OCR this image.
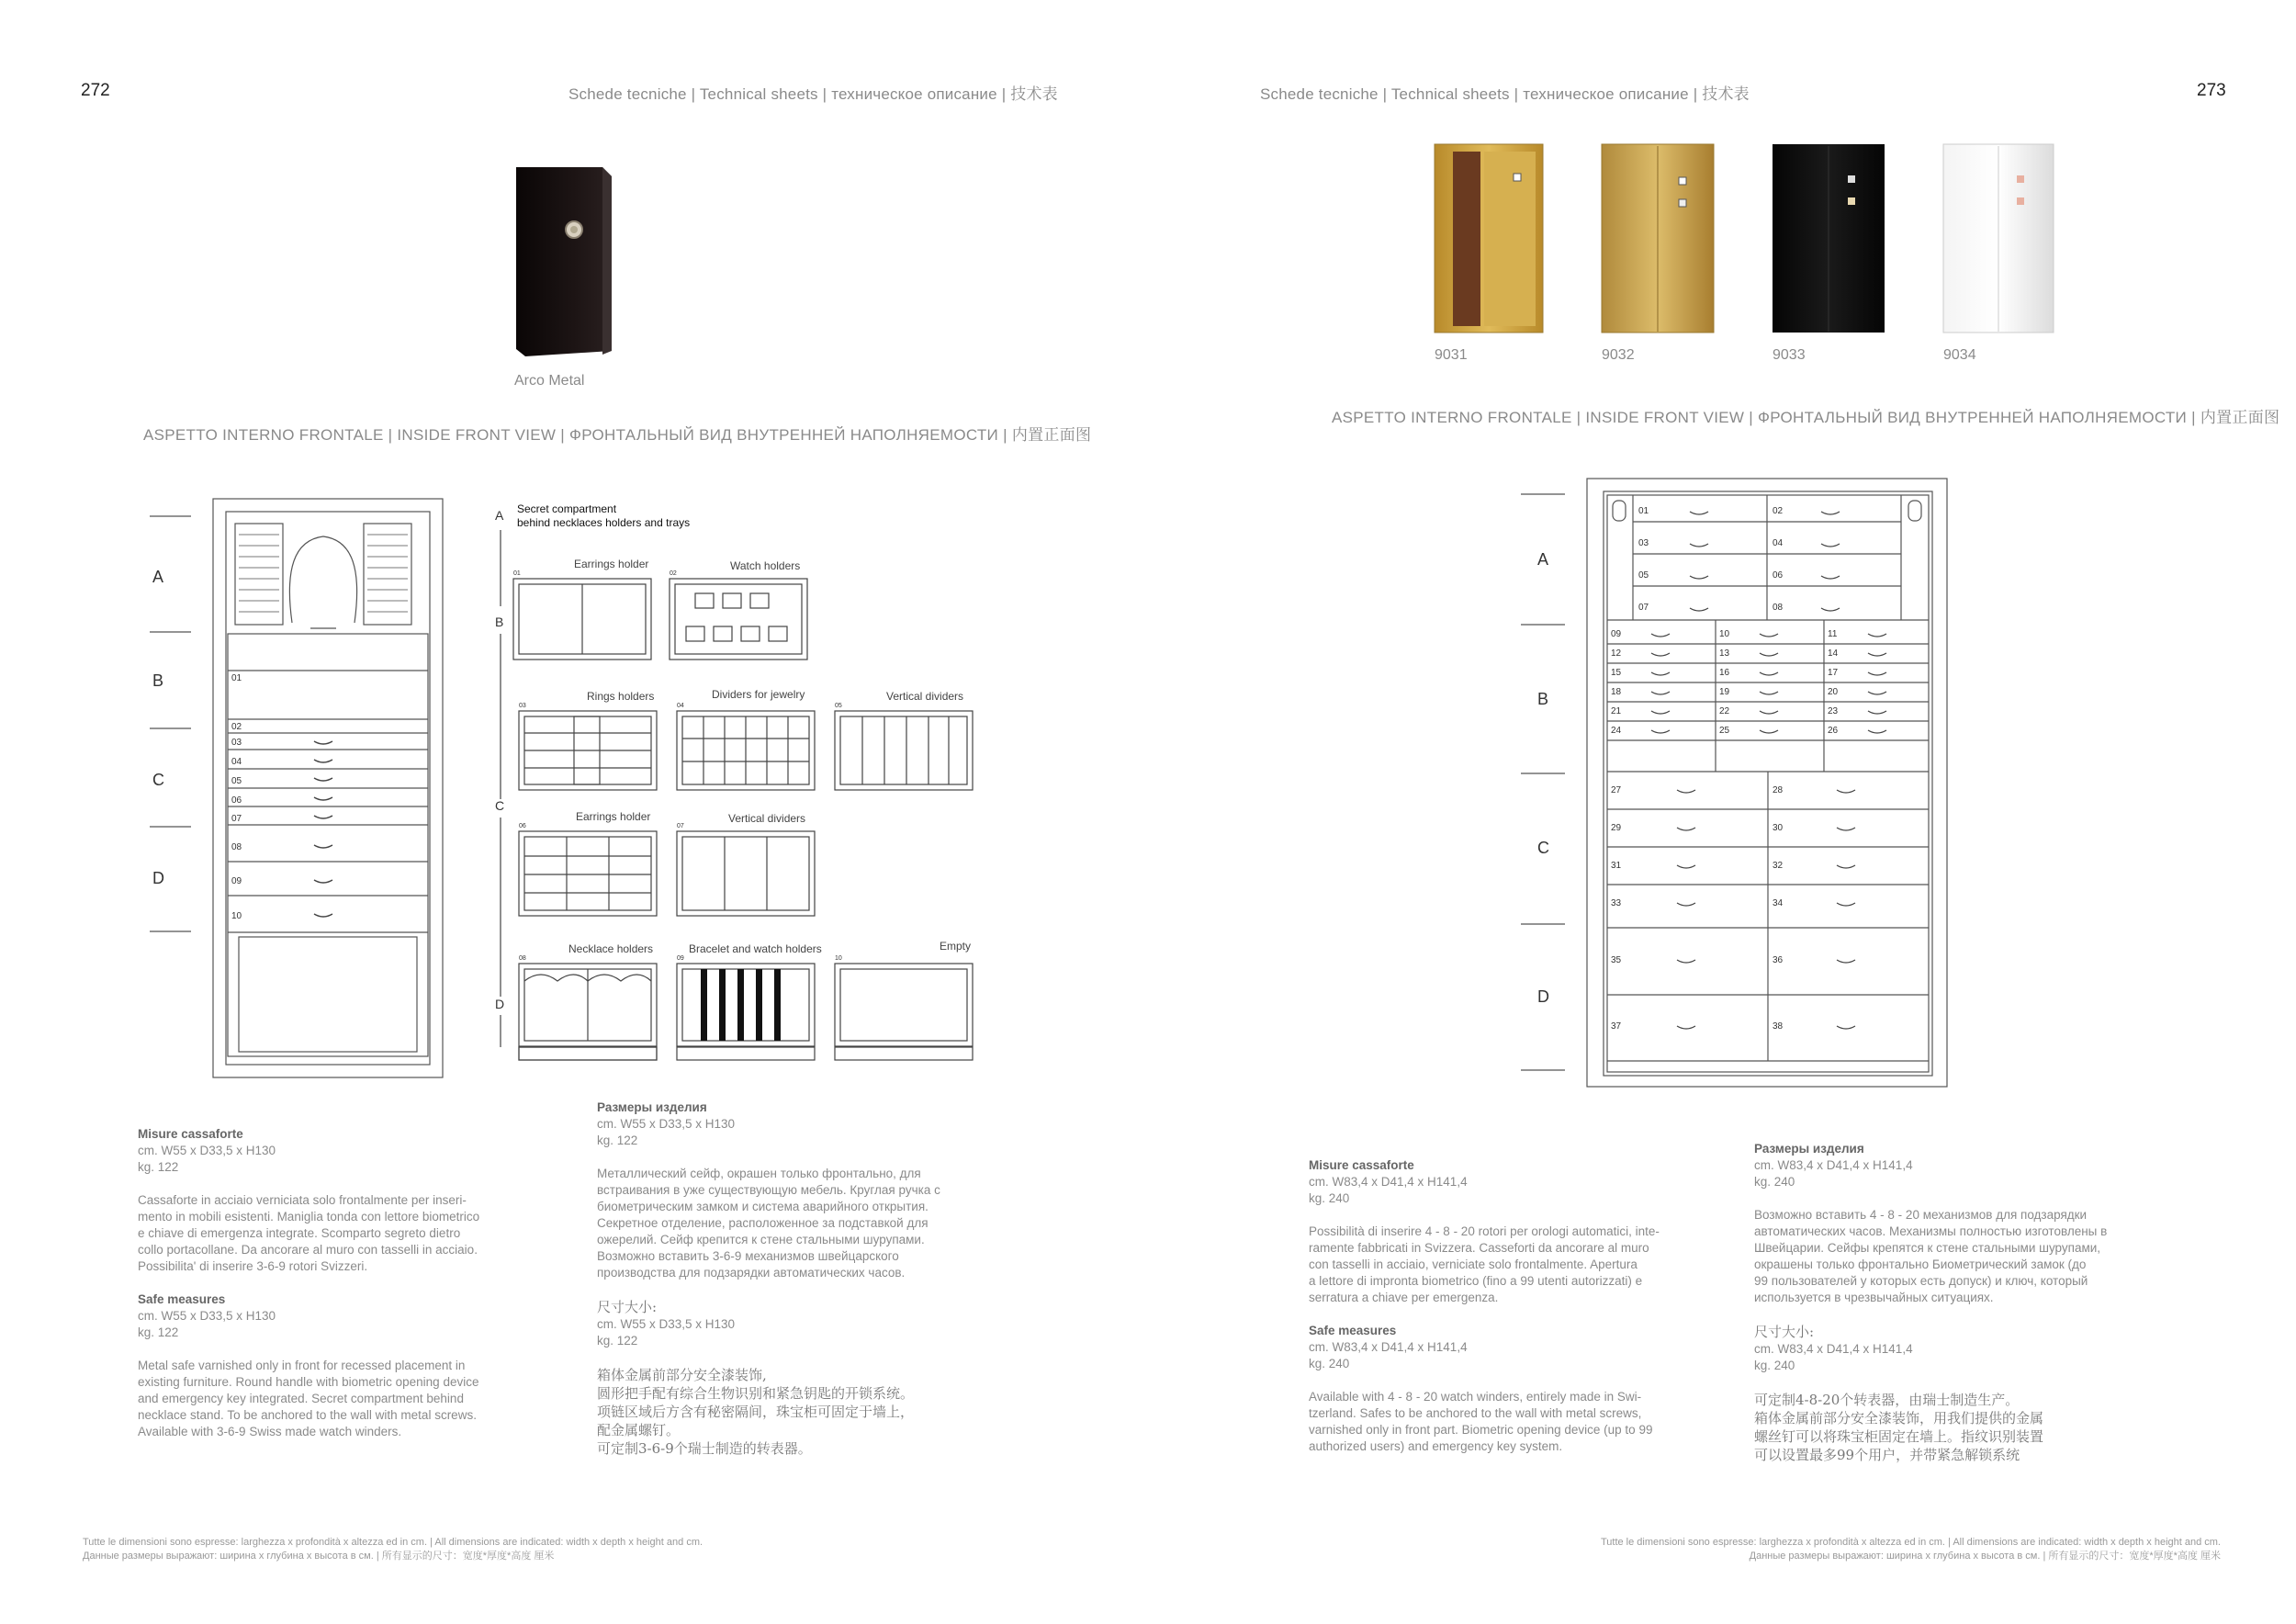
272	Schede tecniche | Technical sheets | техническое описание | 技术表
Arco Metal
ASPETTO INTERNO FRONTALE | INSIDE FRONT VIEW | ФРОНТАЛЬНЫЙ ВИД ВНУТРЕННЕЙ НАПОЛНЯЕМОСТИ | 内置正面图
A
B
C
D
01
02
03
04
05
06
07
08
09
10
A
B
C
D
Secret compartment
behind necklaces holders and trays
Earrings holder	Watch holders
Rings holders	Dividers for jewelry	Vertical dividers
Earrings holder	Vertical dividers
Necklace holders	Bracelet and watch holders	Empty
01	02
03	04	05
06	07
08	09	10
Misure cassaforte
cm. W55 x D33,5 x H130

kg. 122

Cassaforte in acciaio verniciata solo frontalmente per inseri-
mento in mobili esistenti. Maniglia tonda con lettore biometrico
e chiave di emergenza integrate. Scomparto segreto dietro
collo portacollane. Da ancorare al muro con tasselli in acciaio.

Possibilita' di inserire 3-6-9 rotori Svizzeri.

Safe measures
cm. W55 x D33,5 x H130

kg. 122

Metal safe varnished only in front for recessed placement in
existing furniture. Round handle with biometric opening device
and emergency key integrated. Secret compartment behind
necklace stand. To be anchored to the wall with metal screws.
Available with 3-6-9 Swiss made watch winders.
Размеры изделия
cm. W55 x D33,5 x H130

kg. 122

Металлический сейф, окрашен только фронтально, для
встраивания в уже существующую мебель. Круглая ручка с
биометрическим замком и система аварийного открытия.
Секретное отделение, расположенное за подставкой для
ожерелий. Сейф крепится к стене стальными шурупами.
Возможно вставить 3-6-9 механизмов швейцарского

производства для подзарядки автоматических часов.

尺寸大小:
cm. W55 x D33,5 x H130

kg. 122

箱体金属前部分安全漆装饰,
圆形把手配有综合生物识别和紧急钥匙的开锁系统。
项链区域后方含有秘密隔间，珠宝柜可固定于墙上，
配金属螺钉。
可定制3-6-9个瑞士制造的转表器。
Tutte le dimensioni sono espresse: larghezza x profondità x altezza ed in cm. | All dimensions are indicated: width x depth x height and cm.
Данные размеры выражают: ширина x глубина x высота в см. | 所有显示的尺寸：宽度*厚度*高度 厘米
Schede tecniche | Technical sheets | техническое описание | 技术表	273
9031	9032	9033	9034
ASPETTO INTERNO FRONTALE | INSIDE FRONT VIEW | ФРОНТАЛЬНЫЙ ВИД ВНУТРЕННЕЙ НАПОЛНЯЕМОСТИ | 内置正面图
A
B
C
D
01	02
03	04
05	06
07	08
09	10	11
12	13	14
15	16	17
18	19	20
21	22	23
24	25	26
27	28
29	30
31	32
33	34
35	36
37	38
Misure cassaforte
cm. W83,4 x D41,4 x H141,4

kg. 240

Possibilità di inserire 4 - 8 - 20 rotori per orologi automatici, inte-
ramente fabbricati in Svizzera. Casseforti da ancorare al muro
con tasselli in acciaio, verniciate solo frontalmente. Apertura
a lettore di impronta biometrico (fino a 99 utenti autorizzati) e

serratura a chiave per emergenza.

Safe measures
cm. W83,4 x D41,4 x H141,4

kg. 240

Available with 4 - 8 - 20 watch winders, entirely made in Swi-
tzerland. Safes to be anchored to the wall with metal screws,
varnished only in front part. Biometric opening device (up to 99
authorized users) and emergency key system.
Размеры изделия
cm. W83,4 x D41,4 x H141,4

kg. 240

Возможно вставить 4 - 8 - 20 механизмов для подзарядки
автоматических часов. Механизмы полностью изготовлены в
Швейцарии. Сейфы крепятся к стене стальными шурупами,
окрашены только фронтально Биометрический замок (до
99 пользователей у которых есть допуск) и ключ, который

используется в чрезвычайных ситуациях.

尺寸大小:
cm. W83,4 x D41,4 x H141,4

kg. 240

可定制4-8-20个转表器，由瑞士制造生产。
箱体金属前部分安全漆装饰，用我们提供的金属
螺丝钉可以将珠宝柜固定在墙上。指纹识别装置
可以设置最多99个用户，并带紧急解锁系统
Tutte le dimensioni sono espresse: larghezza x profondità x altezza ed in cm. | All dimensions are indicated: width x depth x height and cm.
Данные размеры выражают: ширина x глубина x высота в см. | 所有显示的尺寸：宽度*厚度*高度 厘米
